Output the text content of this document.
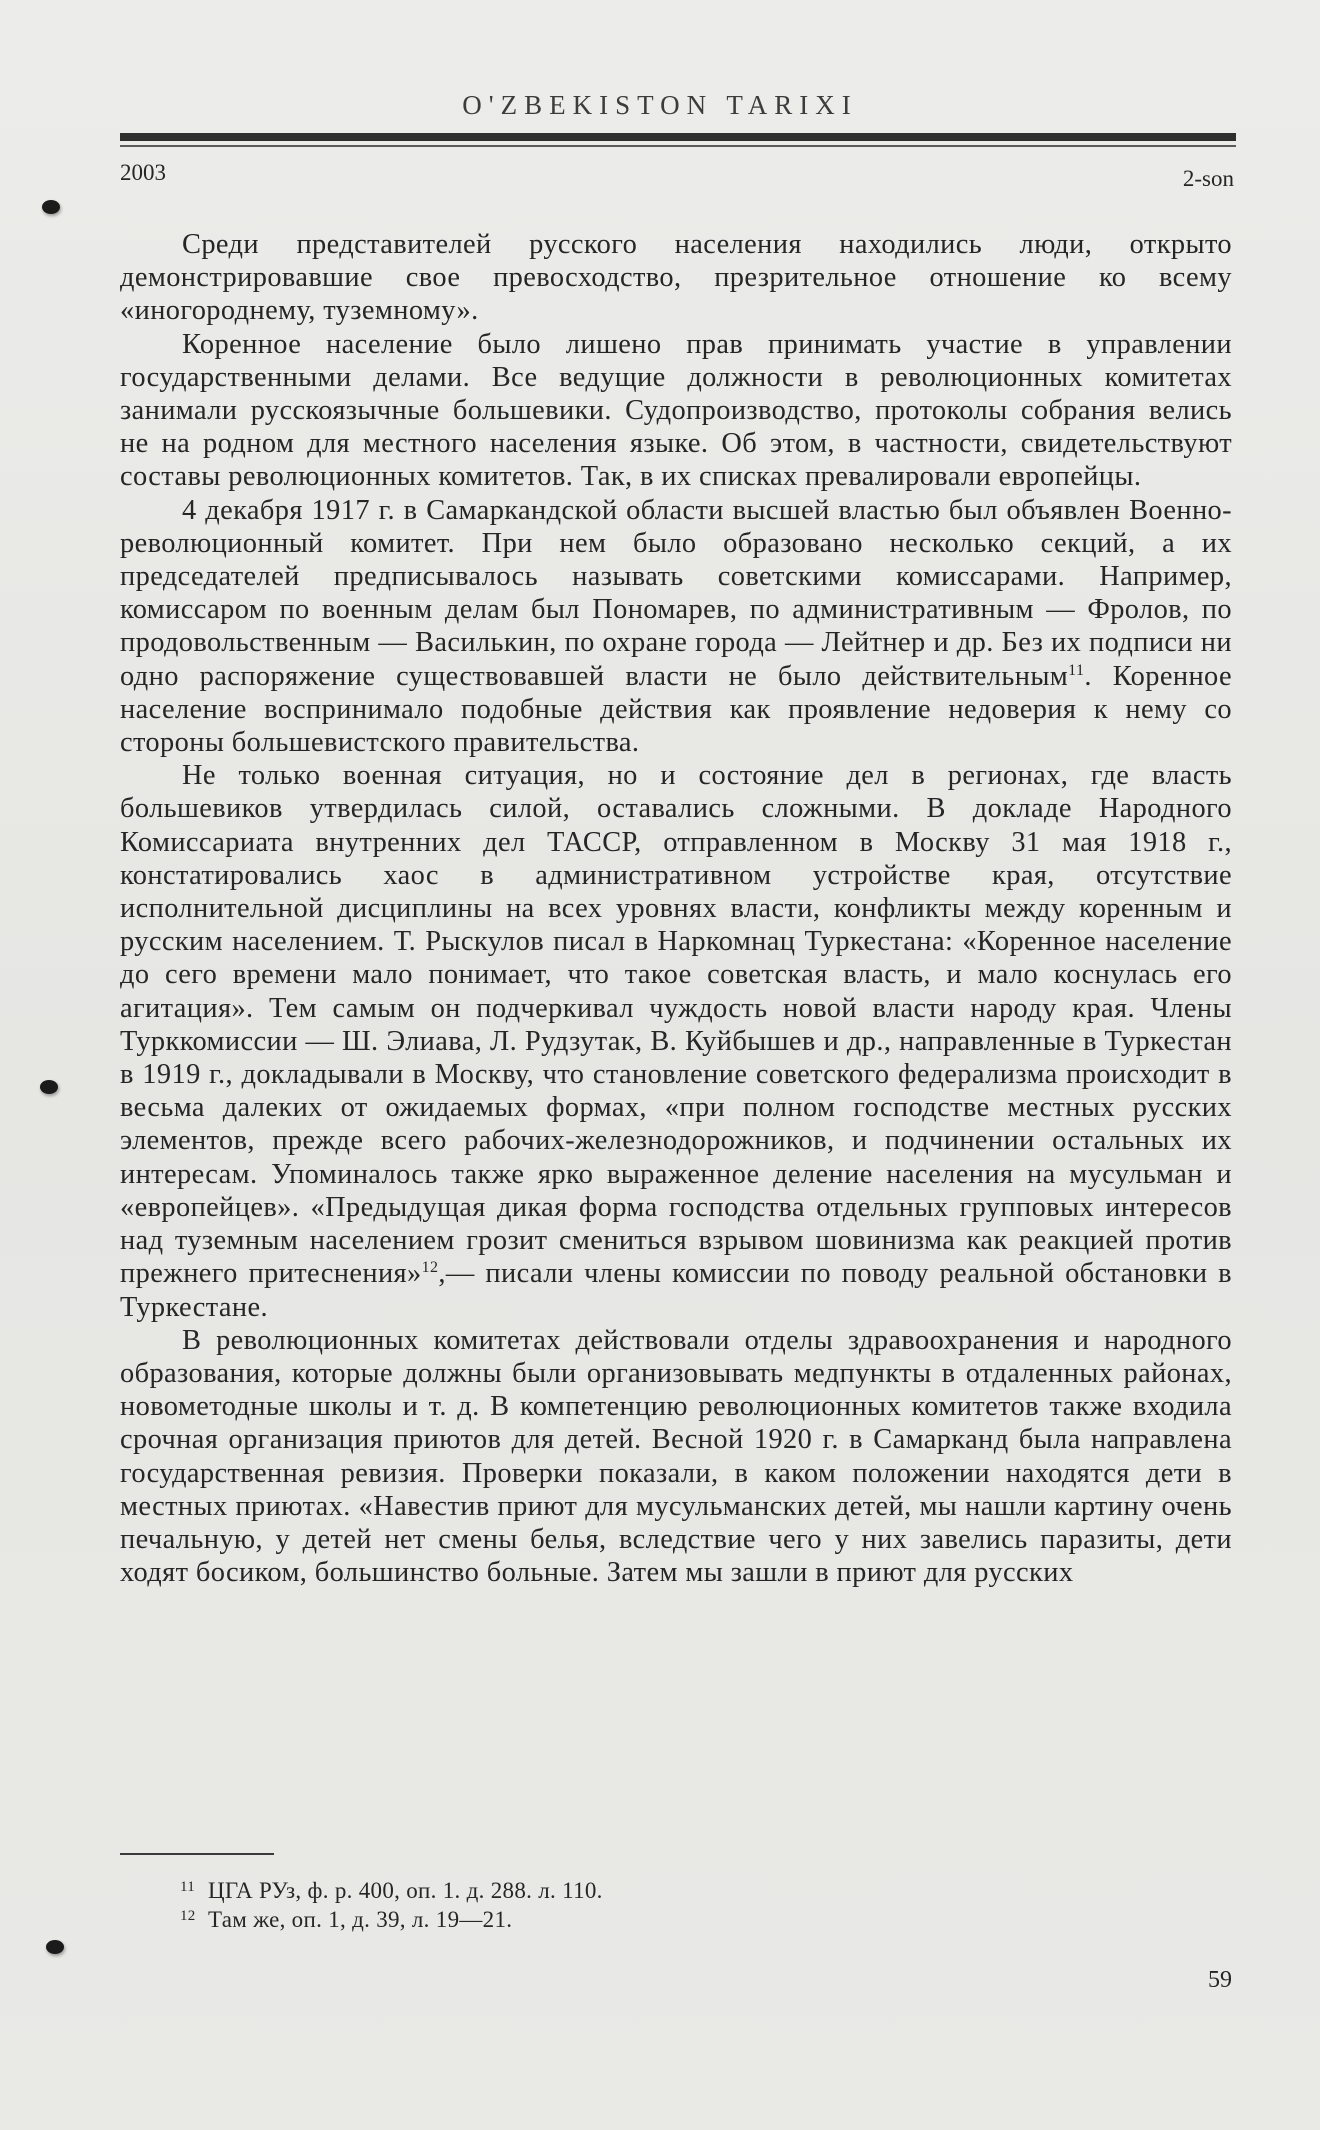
O'ZBEKISTON TARIXI
2003	2-son

Среди представителей русского населения находились люди, открыто демонстрировавшие свое превосходство, презрительное отношение ко всему «иногороднему, туземному».

Коренное население было лишено прав принимать участие в управлении государственными делами. Все ведущие должности в революционных комитетах занимали русскоязычные большевики. Судопроизводство, протоколы собрания велись не на родном для местного населения языке. Об этом, в частности, свидетельствуют составы революционных комитетов. Так, в их списках превалировали европейцы.

4 декабря 1917 г. в Самаркандской области высшей властью был объявлен Военно-революционный комитет. При нем было образовано несколько секций, а их председателей предписывалось называть советскими комиссарами. Например, комиссаром по военным делам был Пономарев, по административным — Фролов, по продовольственным — Василькин, по охране города — Лейтнер и др. Без их подписи ни одно распоряжение существовавшей власти не было действительным$^{11}$. Коренное население воспринимало подобные действия как проявление недоверия к нему со стороны большевистского правительства.

Не только военная ситуация, но и состояние дел в регионах, где власть большевиков утвердилась силой, оставались сложными. В докладе Народного Комиссариата внутренних дел ТАССР, отправленном в Москву 31 мая 1918 г., констатировались хаос в административном устройстве края, отсутствие исполнительной дисциплины на всех уровнях власти, конфликты между коренным и русским населением. Т. Рыскулов писал в Наркомнац Туркестана: «Коренное население до сего времени мало понимает, что такое советская власть, и мало коснулась его агитация». Тем самым он подчеркивал чуждость новой власти народу края. Члены Турккомиссии — Ш. Элиава, Л. Рудзутак, В. Куйбышев и др., направленные в Туркестан в 1919 г., докладывали в Москву, что становление советского федерализма происходит в весьма далеких от ожидаемых формах, «при полном господстве местных русских элементов, прежде всего рабочих-железнодорожников, и подчинении остальных их интересам. Упоминалось также ярко выраженное деление населения на мусульман и «европейцев». «Предыдущая дикая форма господства отдельных групповых интересов над туземным населением грозит смениться взрывом шовинизма как реакцией против прежнего притеснения»$^{12}$,— писали члены комиссии по поводу реальной обстановки в Туркестане.

В революционных комитетах действовали отделы здравоохранения и народного образования, которые должны были организовывать медпункты в отдаленных районах, новометодные школы и т. д. В компетенцию революционных комитетов также входила срочная организация приютов для детей. Весной 1920 г. в Самарканд была направлена государственная ревизия. Проверки показали, в каком положении находятся дети в местных приютах. «Навестив приют для мусульманских детей, мы нашли картину очень печальную, у детей нет смены белья, вследствие чего у них завелись паразиты, дети ходят босиком, большинство больные. Затем мы зашли в приют для русских

11 ЦГА РУз, ф. р. 400, оп. 1. д. 288. л. 110.
12 Там же, оп. 1, д. 39, л. 19—21.
59
